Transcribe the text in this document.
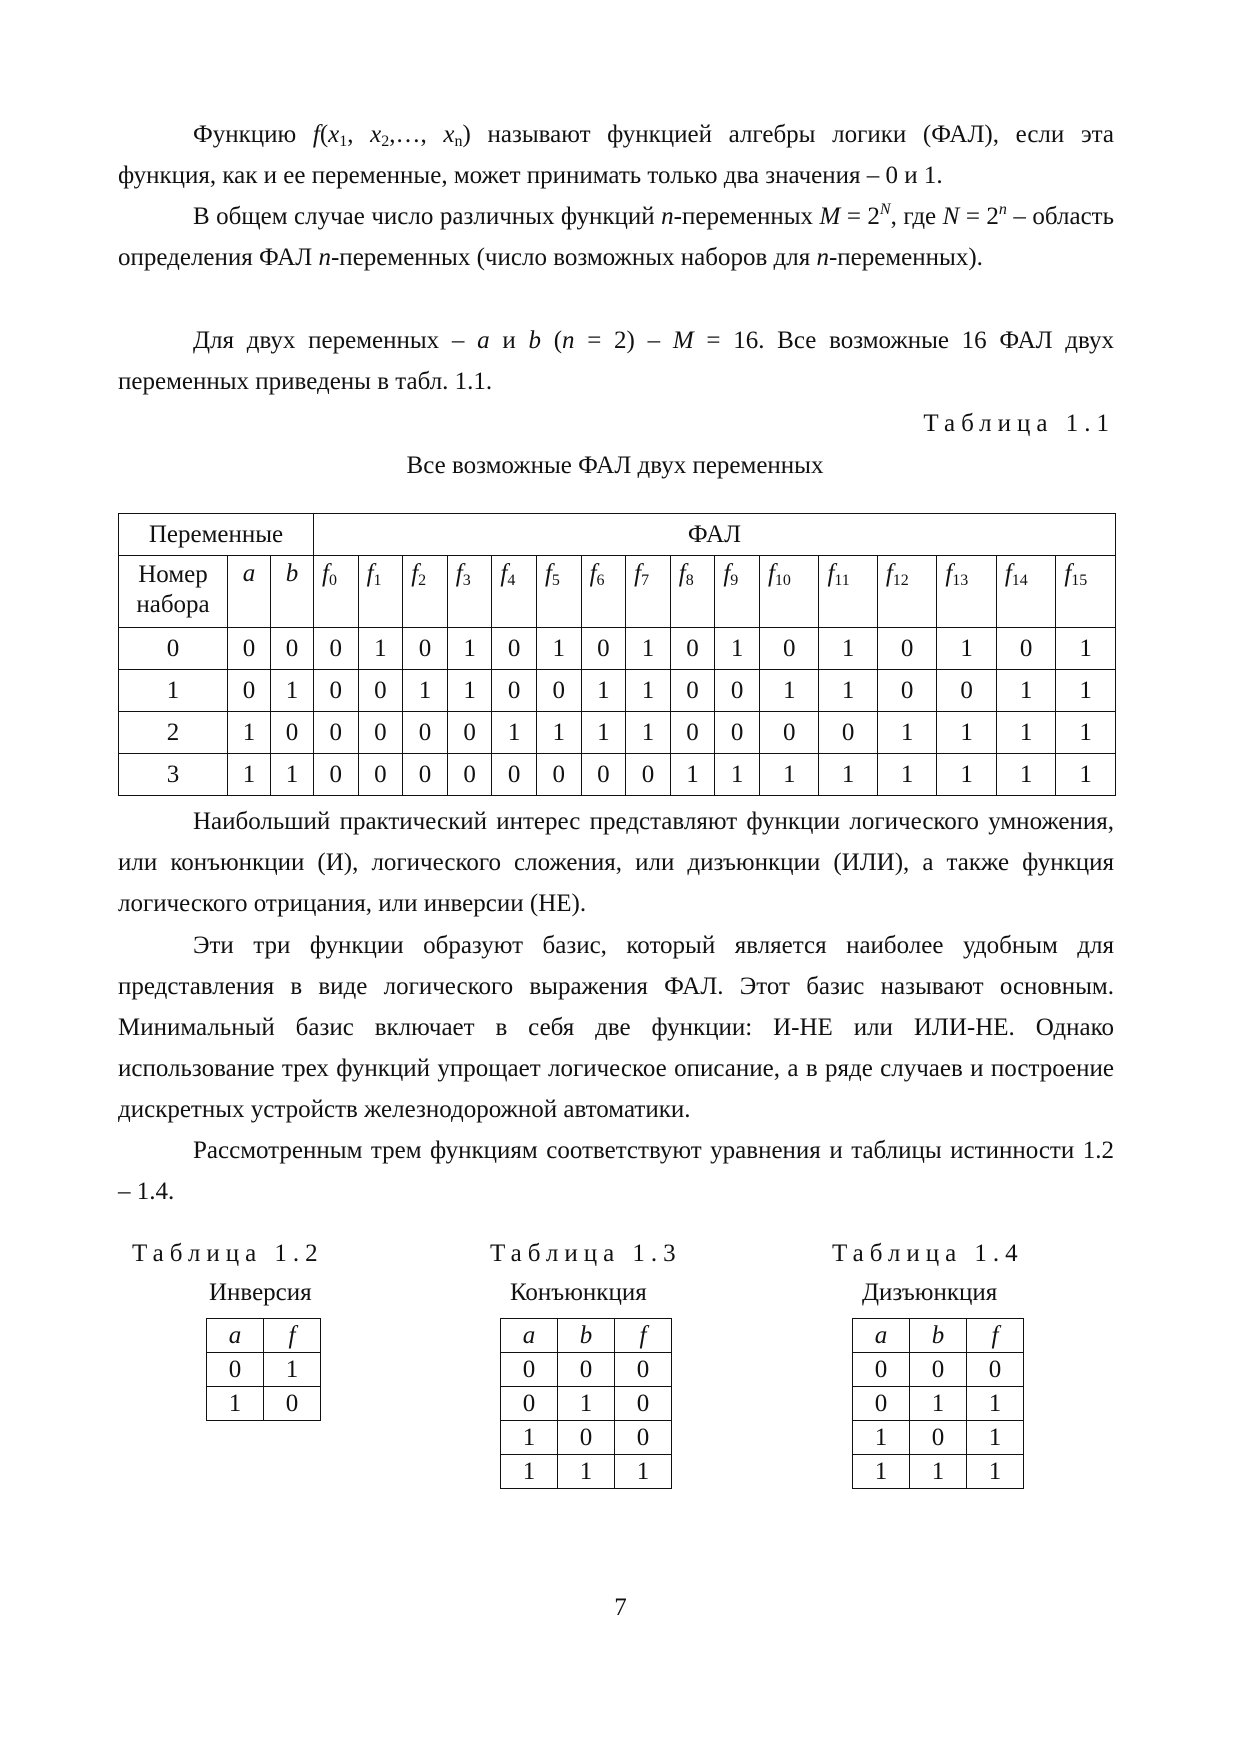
Функцию $f(x_1$, $x_2,\dots$, $x_n$) называют функцией алгебры логики (ФАЛ), если эта функция, как и ее переменные, может принимать только два значения – 0 и 1.

В общем случае число различных функций n-переменных $M = 2^N$, где $N = 2^n$ – область определения ФАЛ n-переменных (число возможных наборов для n-переменных).

Для двух переменных – a и b (n = 2) – M = 16. Все возможные 16 ФАЛ двух переменных приведены в табл. 1.1.

Таблица 1.1
Все возможные ФАЛ двух переменных
Переменные			ФАЛ															
Номер набора	a	b	$f_0$	$f_1$	$f_2$	$f_3$	$f_4$	$f_5$	$f_6$	$f_7$	$f_8$	$f_9$	$f_{10}$	$f_{11}$	$f_{12}$	$f_{13}$	$f_{14}$	$f_{15}$
0	0	0	0	1	0	1	0	1	0	1	0	1	0	1	0	1	0	1
1	0	1	0	0	1	1	0	0	1	1	0	0	1	1	0	0	1	1
2	1	0	0	0	0	0	1	1	1	1	0	0	0	0	1	1	1	1
3	1	1	0	0	0	0	0	0	0	0	1	1	1	1	1	1	1	1

Наибольший практический интерес представляют функции логического умножения, или конъюнкции (И), логического сложения, или дизъюнкции (ИЛИ), а также функция логического отрицания, или инверсии (НЕ).

Эти три функции образуют базис, который является наиболее удобным для представления в виде логического выражения ФАЛ. Этот базис называют основным. Минимальный базис включает в себя две функции: И-НЕ или ИЛИ-НЕ. Однако использование трех функций упрощает логическое описание, а в ряде случаев и построение дискретных устройств железнодорожной автоматики.

Рассмотренным трем функциям соответствуют уравнения и таблицы истинности 1.2 – 1.4.

Таблица 1.2
Инверсия
a	f
0	1
1	0
Таблица 1.3
Конъюнкция
a	b	f
0	0	0
0	1	0
1	0	0
1	1	1
Таблица 1.4
Дизъюнкция
a	b	f
0	0	0
0	1	1
1	0	1
1	1	1
7
